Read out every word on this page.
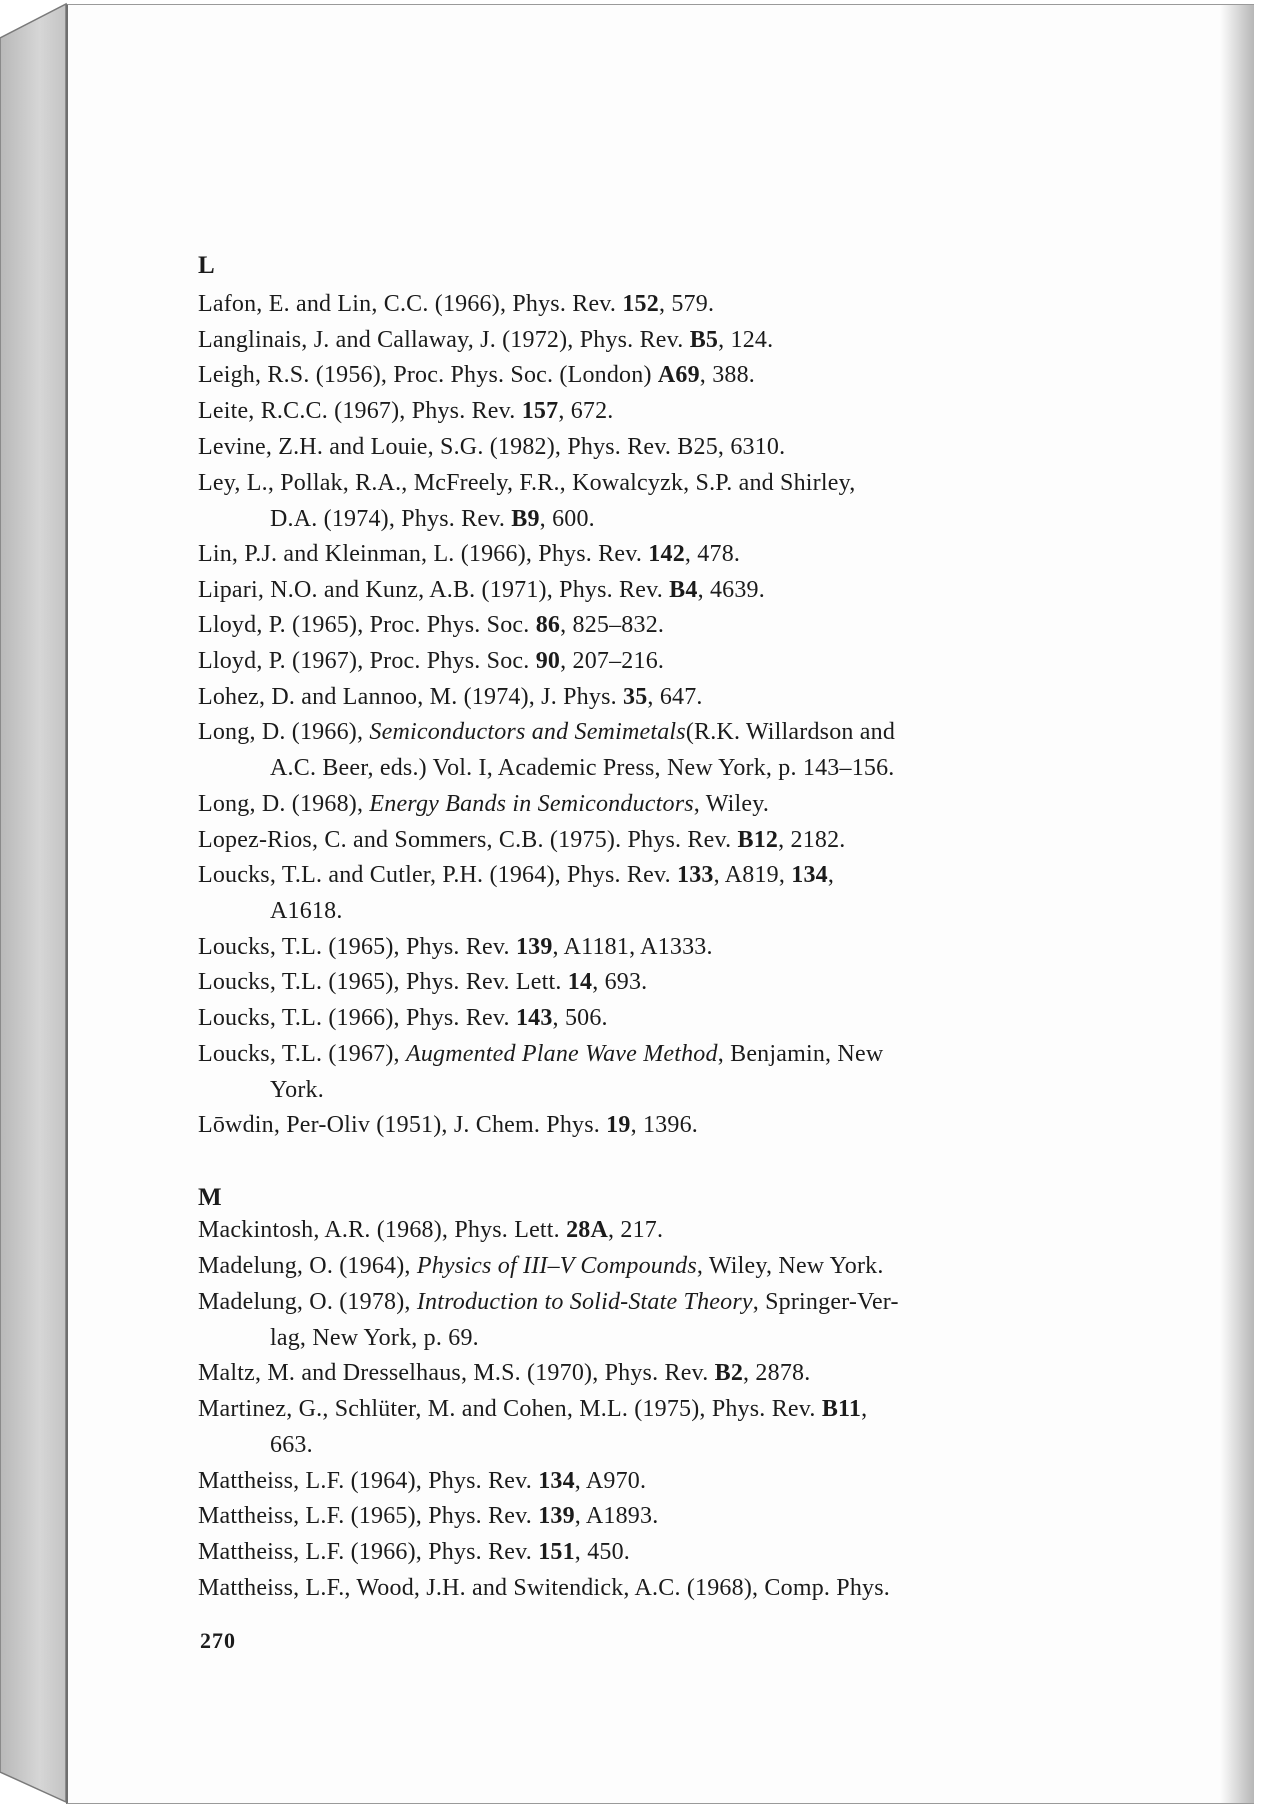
L
Lafon, E. and Lin, C.C. (1966), Phys. Rev. 152, 579.
Langlinais, J. and Callaway, J. (1972), Phys. Rev. B5, 124.
Leigh, R.S. (1956), Proc. Phys. Soc. (London) A69, 388.
Leite, R.C.C. (1967), Phys. Rev. 157, 672.
Levine, Z.H. and Louie, S.G. (1982), Phys. Rev. B25, 6310.
Ley, L., Pollak, R.A., McFreely, F.R., Kowalcyzk, S.P. and Shirley,
D.A. (1974), Phys. Rev. B9, 600.
Lin, P.J. and Kleinman, L. (1966), Phys. Rev. 142, 478.
Lipari, N.O. and Kunz, A.B. (1971), Phys. Rev. B4, 4639.
Lloyd, P. (1965), Proc. Phys. Soc. 86, 825–832.
Lloyd, P. (1967), Proc. Phys. Soc. 90, 207–216.
Lohez, D. and Lannoo, M. (1974), J. Phys. 35, 647.
Long, D. (1966), Semiconductors and Semimetals(R.K. Willardson and
A.C. Beer, eds.) Vol. I, Academic Press, New York, p. 143–156.
Long, D. (1968), Energy Bands in Semiconductors, Wiley.
Lopez-Rios, C. and Sommers, C.B. (1975). Phys. Rev. B12, 2182.
Loucks, T.L. and Cutler, P.H. (1964), Phys. Rev. 133, A819, 134,
A1618.
Loucks, T.L. (1965), Phys. Rev. 139, A1181, A1333.
Loucks, T.L. (1965), Phys. Rev. Lett. 14, 693.
Loucks, T.L. (1966), Phys. Rev. 143, 506.
Loucks, T.L. (1967), Augmented Plane Wave Method, Benjamin, New
York.
Lōwdin, Per-Oliv (1951), J. Chem. Phys. 19, 1396.
M
Mackintosh, A.R. (1968), Phys. Lett. 28A, 217.
Madelung, O. (1964), Physics of III–V Compounds, Wiley, New York.
Madelung, O. (1978), Introduction to Solid-State Theory, Springer-Ver-
lag, New York, p. 69.
Maltz, M. and Dresselhaus, M.S. (1970), Phys. Rev. B2, 2878.
Martinez, G., Schlüter, M. and Cohen, M.L. (1975), Phys. Rev. B11,
663.
Mattheiss, L.F. (1964), Phys. Rev. 134, A970.
Mattheiss, L.F. (1965), Phys. Rev. 139, A1893.
Mattheiss, L.F. (1966), Phys. Rev. 151, 450.
Mattheiss, L.F., Wood, J.H. and Switendick, A.C. (1968), Comp. Phys.
270
